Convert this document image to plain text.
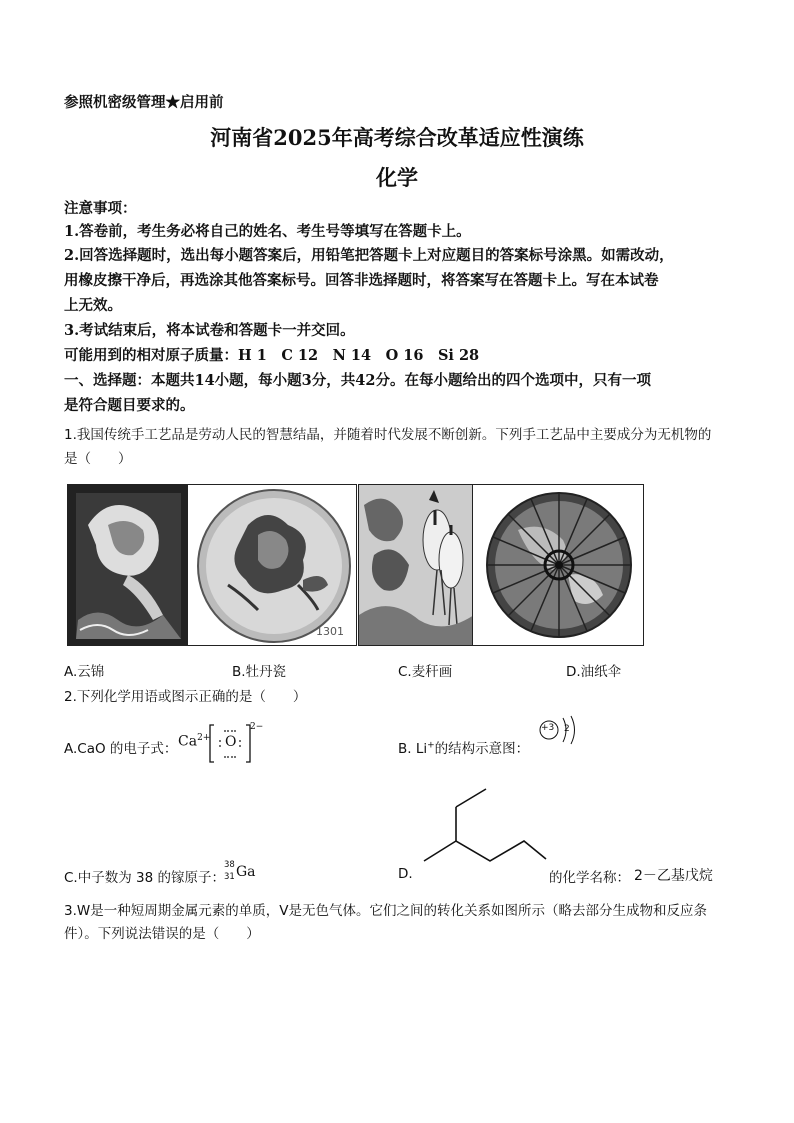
参照机密级管理★启用前
河南省2025年高考综合改革适应性演练
化学
注意事项：
1.答卷前，考生务必将自己的姓名、考生号等填写在答题卡上。
2.回答选择题时，选出每小题答案后，用铅笔把答题卡上对应题目的答案标号涂黑。如需改动，
用橡皮擦干净后，再选涂其他答案标号。回答非选择题时，将答案写在答题卡上。写在本试卷
上无效。
3.考试结束后，将本试卷和答题卡一并交回。
可能用到的相对原子质量：H 1　C 12　N 14　O 16　Si 28
一、选择题：本题共14小题，每小题3分，共42分。在每小题给出的四个选项中，只有一项
是符合题目要求的。
1.我国传统手工艺品是劳动人民的智慧结晶，并随着时代发展不断创新。下列手工艺品中主要成分为无机物的
是（　　）
1301
A.云锦	B.牡丹瓷	C.麦秆画	D.油纸伞
2.下列化学用语或图示正确的是（　　）
A.CaO 的电子式： $Ca^{2+}$ O
2−
B. Li+的结构示意图：
+3 2
C.中子数为 38 的镓原子：
38
31 Ga	D.	的化学名称： 2－乙基戊烷
3.W是一种短周期金属元素的单质，V是无色气体。它们之间的转化关系如图所示（略去部分生成物和反应条
件）。下列说法错误的是（　　）
